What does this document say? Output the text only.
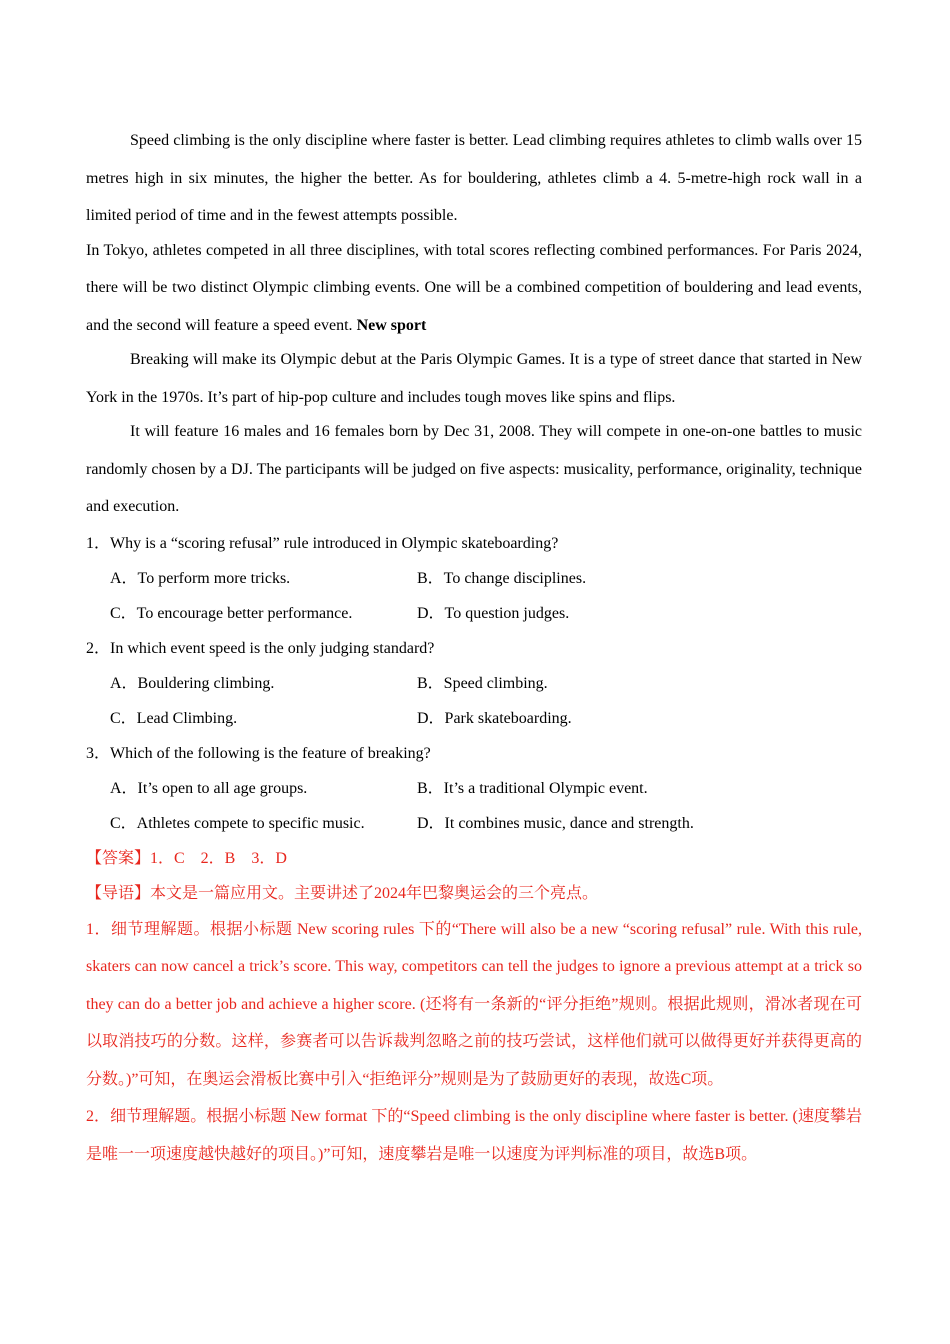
Speed climbing is the only discipline where faster is better. Lead climbing requires athletes to climb walls over 15 metres high in six minutes, the higher the better. As for bouldering, athletes climb a 4. 5-metre-high rock wall in a limited period of time and in the fewest attempts possible.

In Tokyo, athletes competed in all three disciplines, with total scores reflecting combined performances. For Paris 2024, there will be two distinct Olympic climbing events. One will be a combined competition of bouldering and lead events, and the second will feature a speed event. New sport

Breaking will make its Olympic debut at the Paris Olympic Games. It is a type of street dance that started in New York in the 1970s. It’s part of hip-pop culture and includes tough moves like spins and flips.

It will feature 16 males and 16 females born by Dec 31, 2008. They will compete in one-on-one battles to music randomly chosen by a DJ. The participants will be judged on five aspects: musicality, performance, originality, technique and execution.

1．Why is a “scoring refusal” rule introduced in Olympic skateboarding?

A．To perform more tricks.	B．To change disciplines.
C．To encourage better performance.	D．To question judges.

2．In which event speed is the only judging standard?

A．Bouldering climbing.	B．Speed climbing.
C．Lead Climbing.	D．Park skateboarding.

3．Which of the following is the feature of breaking?

A．It’s open to all age groups.	B．It’s a traditional Olympic event.
C．Athletes compete to specific music.	D．It combines music, dance and strength.

【答案】1．C　2．B　3．D

【导语】本文是一篇应用文。主要讲述了2024年巴黎奥运会的三个亮点。

1．细节理解题。根据小标题 New scoring rules 下的“There will also be a new “scoring refusal” rule. With this rule, skaters can now cancel a trick’s score. This way, competitors can tell the judges to ignore a previous attempt at a trick so they can do a better job and achieve a higher score. (还将有一条新的“评分拒绝”规则。根据此规则，滑冰者现在可以取消技巧的分数。这样，参赛者可以告诉裁判忽略之前的技巧尝试，这样他们就可以做得更好并获得更高的分数。)”可知，在奥运会滑板比赛中引入“拒绝评分”规则是为了鼓励更好的表现，故选C项。

2．细节理解题。根据小标题 New format 下的“Speed climbing is the only discipline where faster is better. (速度攀岩是唯一一项速度越快越好的项目。)”可知，速度攀岩是唯一以速度为评判标准的项目，故选B项。
